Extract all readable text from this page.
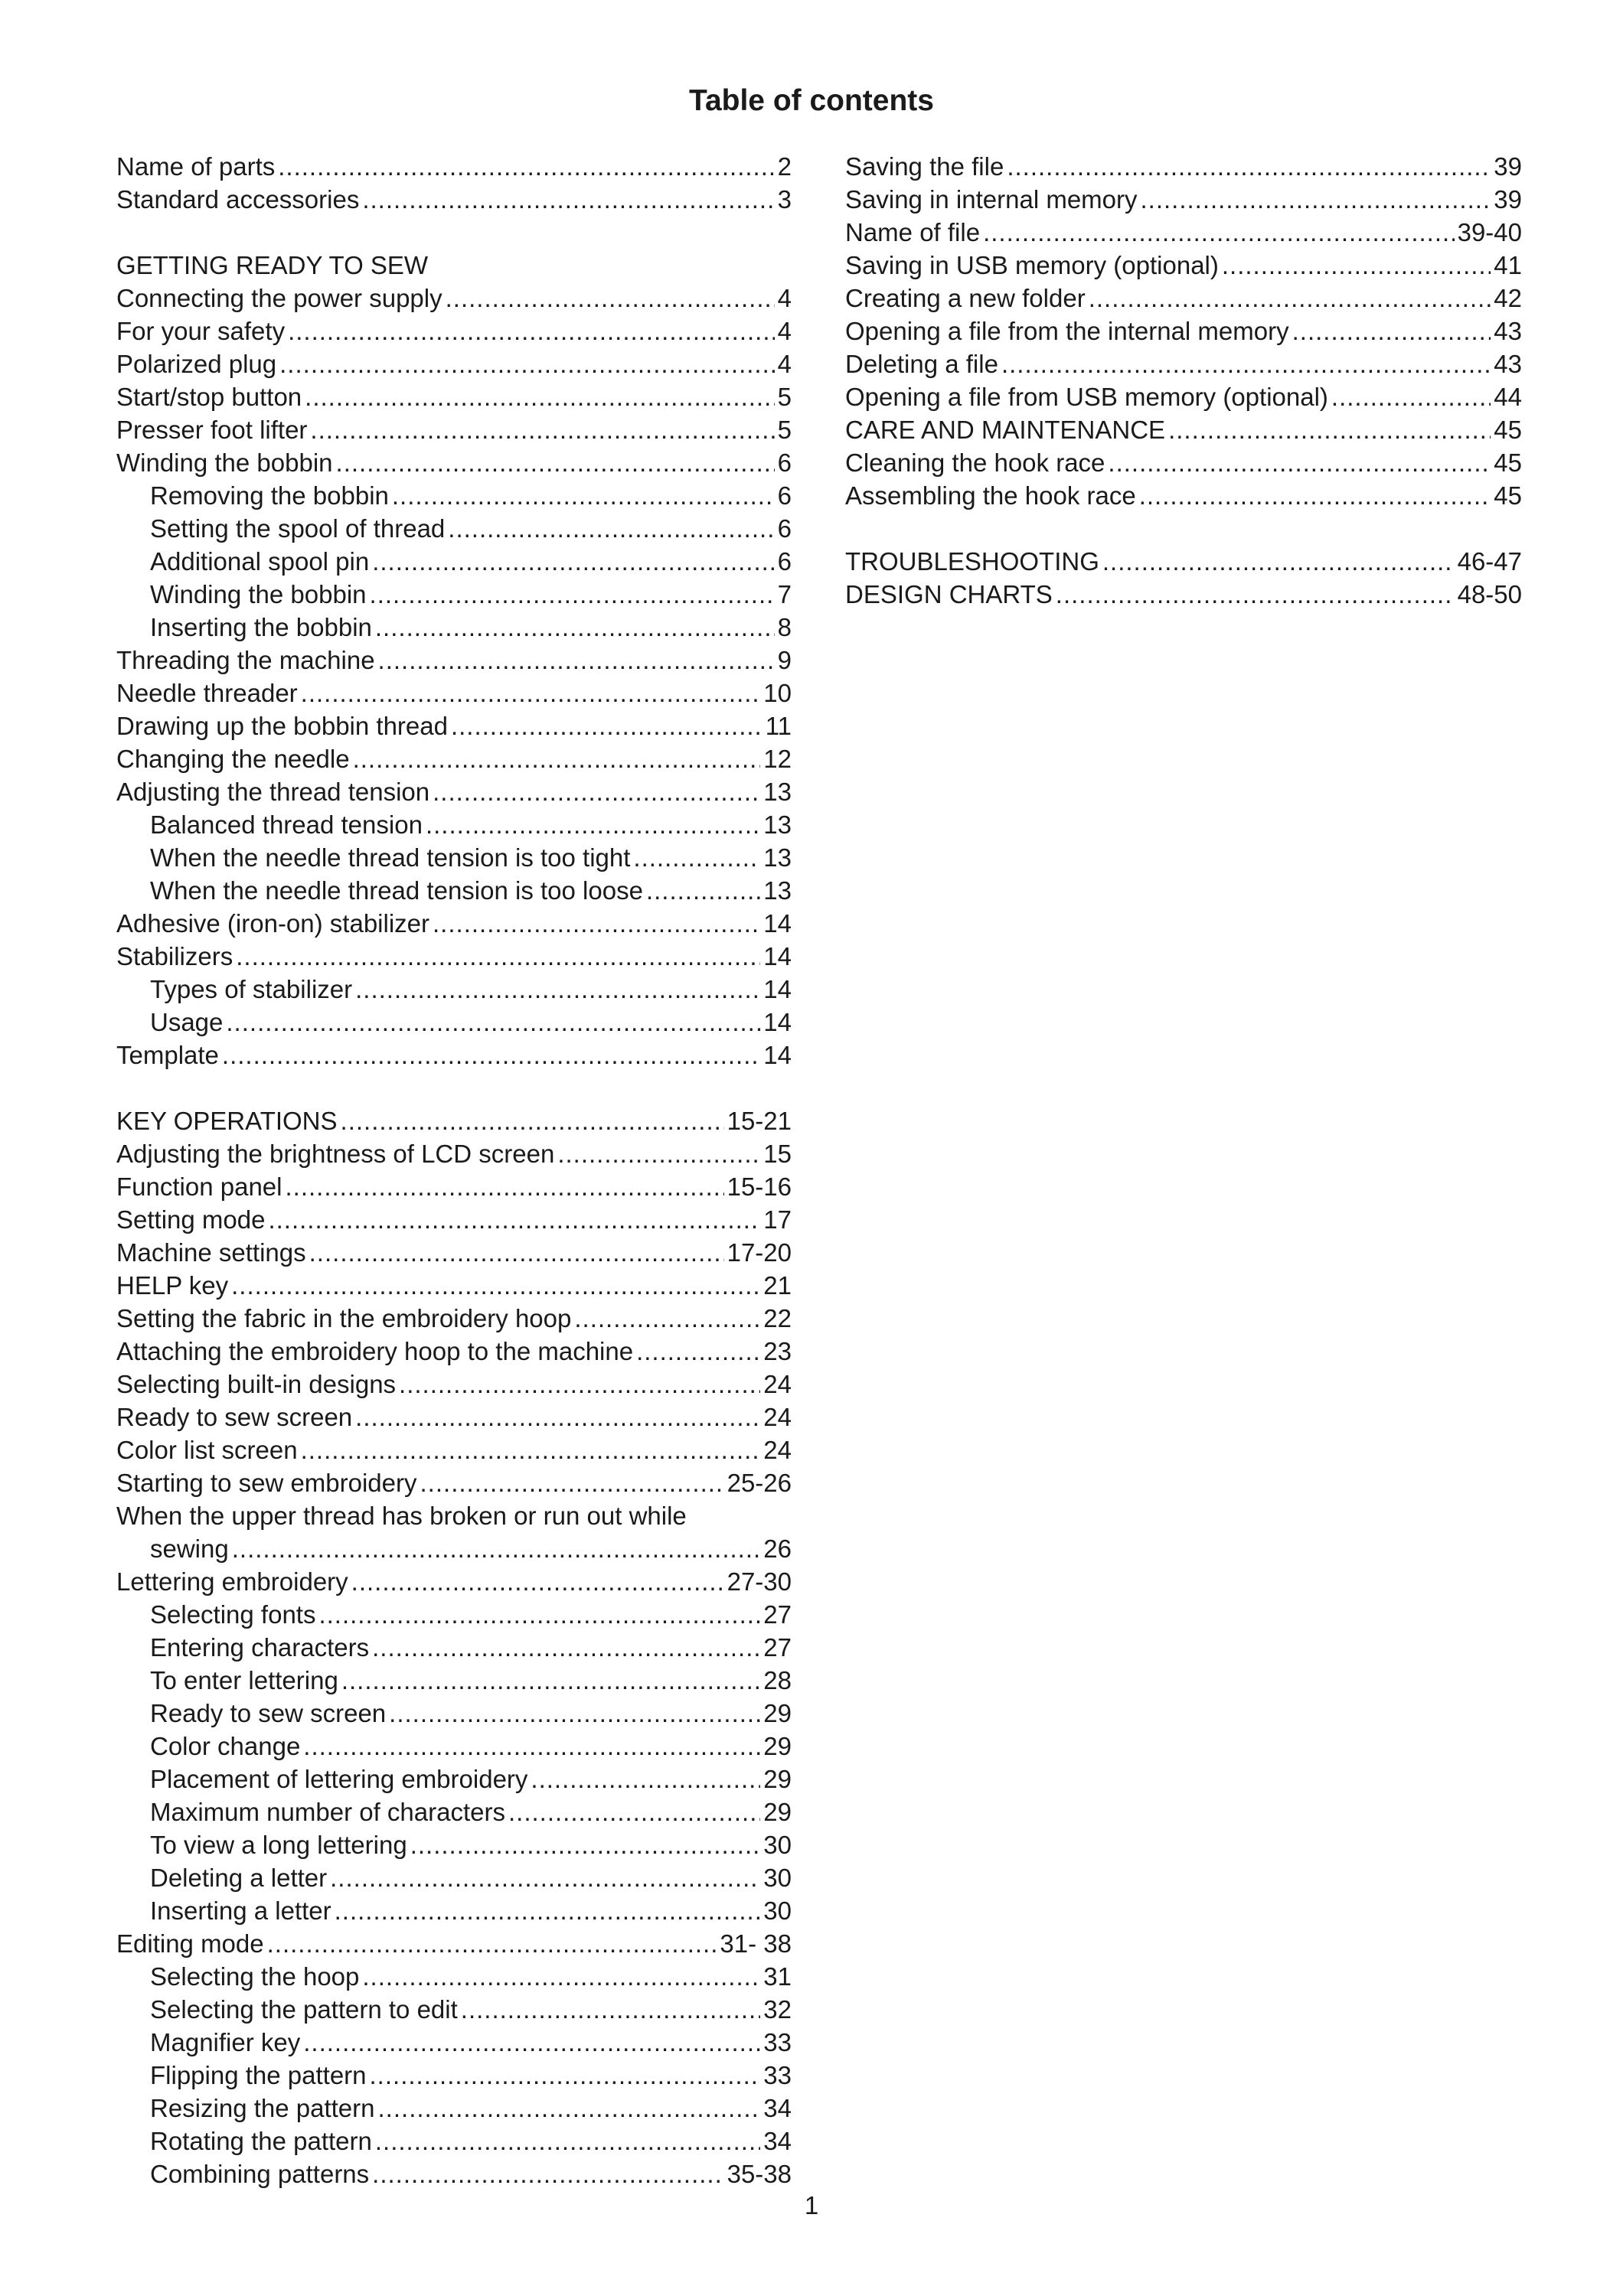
Table of contents
Name of parts .....	2
Standard accessories .....	3
GETTING READY TO SEW
Connecting the power supply .....	4
For your safety .....	4
Polarized plug .....	4
Start/stop button .....	5
Presser foot lifter .....	5
Winding the bobbin .....	6
Removing the bobbin .....	6
Setting the spool of thread .....	6
Additional spool pin .....	6
Winding the bobbin .....	7
Inserting the bobbin .....	8
Threading the machine .....	9
Needle threader .....	10
Drawing up the bobbin thread .....	11
Changing the needle .....	12
Adjusting the thread tension .....	13
Balanced thread tension .....	13
When the needle thread tension is too tight .....	13
When the needle thread tension is too loose .....	13
Adhesive (iron-on) stabilizer .....	14
Stabilizers .....	14
Types of stabilizer .....	14
Usage .....	14
Template .....	14
KEY OPERATIONS .....	15-21
Adjusting the brightness of LCD screen .....	15
Function panel .....	15-16
Setting mode .....	17
Machine settings .....	17-20
HELP key .....	21
Setting the fabric in the embroidery hoop .....	22
Attaching the embroidery hoop to the machine .....	23
Selecting built-in designs .....	24
Ready to sew screen .....	24
Color list screen .....	24
Starting to sew embroidery .....	25-26
When the upper thread has broken or run out while
sewing .....	26
Lettering embroidery .....	27-30
Selecting fonts .....	27
Entering characters .....	27
To enter lettering .....	28
Ready to sew screen .....	29
Color change .....	29
Placement of lettering embroidery .....	29
Maximum number of characters .....	29
To view a long lettering .....	30
Deleting a letter .....	30
Inserting a letter .....	30
Editing mode .....	31- 38
Selecting the hoop .....	31
Selecting the pattern to edit .....	32
Magnifier key .....	33
Flipping the pattern .....	33
Resizing the pattern .....	34
Rotating the pattern .....	34
Combining patterns .....	35-38
Saving the file .....	39
Saving in internal memory .....	39
Name of file .....	39-40
Saving in USB memory (optional) .....	41
Creating a new folder .....	42
Opening a file from the internal memory .....	43
Deleting a file .....	43
Opening a file from USB memory (optional) .....	44
CARE AND MAINTENANCE .....	45
Cleaning the hook race .....	45
Assembling the hook race .....	45
TROUBLESHOOTING .....	46-47
DESIGN CHARTS .....	48-50
1
